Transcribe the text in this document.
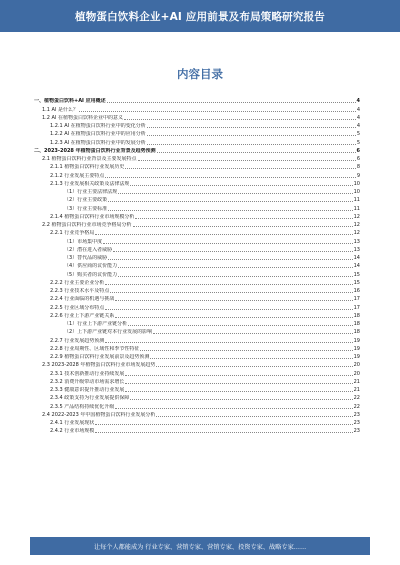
植物蛋白饮料企业+AI 应用前景及布局策略研究报告
内容目录
一、植物蛋白饮料+AI 应用概述	4
1.1 AI 是什么？	4
1.2 AI 在植物蛋白饮料企业中的意义	4
1.2.1 AI 在植物蛋白饮料行业中的变化分析	4
1.2.2 AI 在植物蛋白饮料行业中的应用分析	5
1.2.3 AI 在植物蛋白饮料行业中的发展分析	5
二、2023-2028 年植物蛋白饮料行业背景及趋势预测	6
2.1 植物蛋白饮料行业背景及主要发展特点	6
2.1.1 植物蛋白饮料行业发展历史	8
2.1.2 行业发展主要特点	9
2.1.3 行业发展相关政策及法律法规	10
（1）行业主要法律法规	10
（2）行业主要政策	11
（3）行业主要标准	11
2.1.4 植物蛋白饮料行业市场规模分析	12
2.2 植物蛋白饮料行业市场竞争格局分析	12
2.2.1 行业竞争格局	12
（1）市场集中度	13
（2）潜在进入者威胁	13
（3）替代品的威胁	14
（4）供应商的议价能力	14
（5）购买者的议价能力	15
2.2.2 行业主要企业分析	15
2.2.3 行业技术水平及特点	16
2.2.4 行业面临的机遇与挑战	17
2.2.5 行业区域分布特点	17
2.2.6 行业上下游产业链关系	18
（1）行业上下游产业链分析	18
（2）上下游产业链对本行业发展的影响	18
2.2.7 行业发展趋势预测	19
2.2.8 行业周期性、区域性和季节性特征	19
2.2.9 植物蛋白饮料行业发展前景及趋势预测	19
2.3 2023-2028 年植物蛋白饮料行业市场发展趋势	20
2.3.1 技术创新推动行业持续发展	20
2.3.2 消费升级带动市场需求增长	21
2.3.3 健康意识提升推动行业发展	21
2.3.4 政策支持为行业发展提供保障	22
2.3.5 产品结构持续优化升级	22
2.4 2022-2023 年中国植物蛋白饮料行业发展分析	23
2.4.1 行业发展现状	23
2.4.2 行业市场规模	23
让每个人都能成为 行业专家、营销专家、营销专家、投资专家、战略专家……
